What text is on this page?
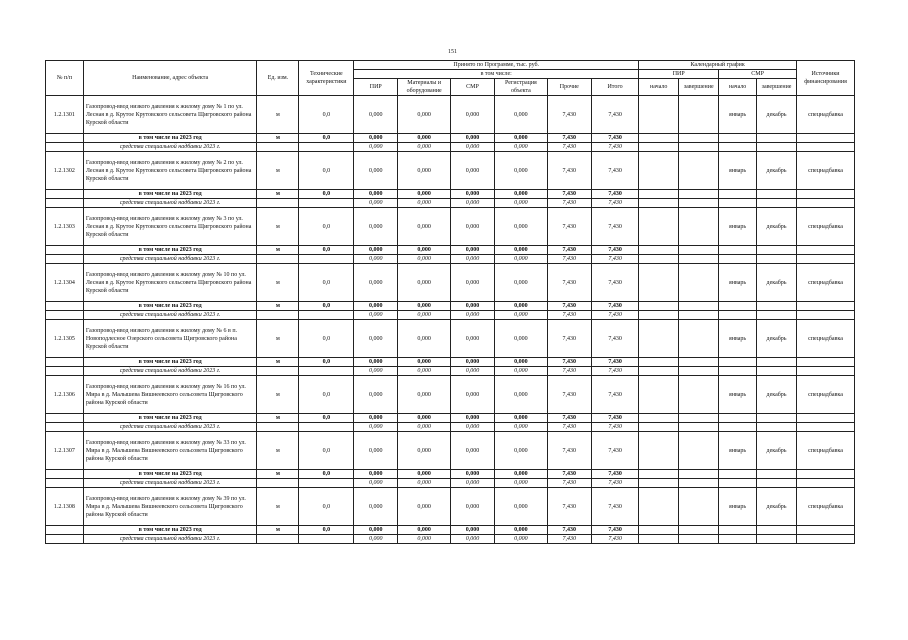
151
№ п/п	Наименование, адрес объекта	Ед. изм.	Технические характеристики	Принято по Программе, тыс. руб.						Календарный график				Источники финансирования
				в том числе:						ПИР		СМР		
				ПИР	Материалы и оборудование	СМР	Регистрация объекта	Прочие	Итого	начало	завершение	начало	завершение	
1.2.1301	Газопровод-ввод низкого давления к жилому дому № 1 по ул. Лесная в д. Крутое Крутовского сельсовета Щигровского района Курской области	м	0,0	0,000	0,000	0,000	0,000	7,430	7,430			январь	декабрь	спецнадбавка
	в том числе на 2023 год	м	0,0	0,000	0,000	0,000	0,000	7,430	7,430					
	средства специальной надбавки 2023 г.			0,000	0,000	0,000	0,000	7,430	7,430					
1.2.1302	Газопровод-ввод низкого давления к жилому дому № 2 по ул. Лесная в д. Крутое Крутовского сельсовета Щигровского района Курской области	м	0,0	0,000	0,000	0,000	0,000	7,430	7,430			январь	декабрь	спецнадбавка
	в том числе на 2023 год	м	0,0	0,000	0,000	0,000	0,000	7,430	7,430					
	средства специальной надбавки 2023 г.			0,000	0,000	0,000	0,000	7,430	7,430					
1.2.1303	Газопровод-ввод низкого давления к жилому дому № 3 по ул. Лесная в д. Крутое Крутовского сельсовета Щигровского района Курской области	м	0,0	0,000	0,000	0,000	0,000	7,430	7,430			январь	декабрь	спецнадбавка
	в том числе на 2023 год	м	0,0	0,000	0,000	0,000	0,000	7,430	7,430					
	средства специальной надбавки 2023 г.			0,000	0,000	0,000	0,000	7,430	7,430					
1.2.1304	Газопровод-ввод низкого давления к жилому дому № 10 по ул. Лесная в д. Крутое Крутовского сельсовета Щигровского района Курской области	м	0,0	0,000	0,000	0,000	0,000	7,430	7,430			январь	декабрь	спецнадбавка
	в том числе на 2023 год	м	0,0	0,000	0,000	0,000	0,000	7,430	7,430					
	средства специальной надбавки 2023 г.			0,000	0,000	0,000	0,000	7,430	7,430					
1.2.1305	Газопровод-ввод низкого давления к жилому дому № 6 в п. Новоподлесное Озерского сельсовета Щигровского района Курской области	м	0,0	0,000	0,000	0,000	0,000	7,430	7,430			январь	декабрь	спецнадбавка
	в том числе на 2023 год	м	0,0	0,000	0,000	0,000	0,000	7,430	7,430					
	средства специальной надбавки 2023 г.			0,000	0,000	0,000	0,000	7,430	7,430					
1.2.1306	Газопровод-ввод низкого давления к жилому дому № 16 по ул. Мира в д. Малышева Вишнеевского сельсовета Щигровского района Курской области	м	0,0	0,000	0,000	0,000	0,000	7,430	7,430			январь	декабрь	спецнадбавка
	в том числе на 2023 год	м	0,0	0,000	0,000	0,000	0,000	7,430	7,430					
	средства специальной надбавки 2023 г.			0,000	0,000	0,000	0,000	7,430	7,430					
1.2.1307	Газопровод-ввод низкого давления к жилому дому № 33 по ул. Мира в д. Малышева Вишнеевского сельсовета Щигровского района Курской области	м	0,0	0,000	0,000	0,000	0,000	7,430	7,430			январь	декабрь	спецнадбавка
	в том числе на 2023 год	м	0,0	0,000	0,000	0,000	0,000	7,430	7,430					
	средства специальной надбавки 2023 г.			0,000	0,000	0,000	0,000	7,430	7,430					
1.2.1308	Газопровод-ввод низкого давления к жилому дому № 39 по ул. Мира в д. Малышева Вишнеевского сельсовета Щигровского района Курской области	м	0,0	0,000	0,000	0,000	0,000	7,430	7,430			январь	декабрь	спецнадбавка
	в том числе на 2023 год	м	0,0	0,000	0,000	0,000	0,000	7,430	7,430					
	средства специальной надбавки 2023 г.			0,000	0,000	0,000	0,000	7,430	7,430					
